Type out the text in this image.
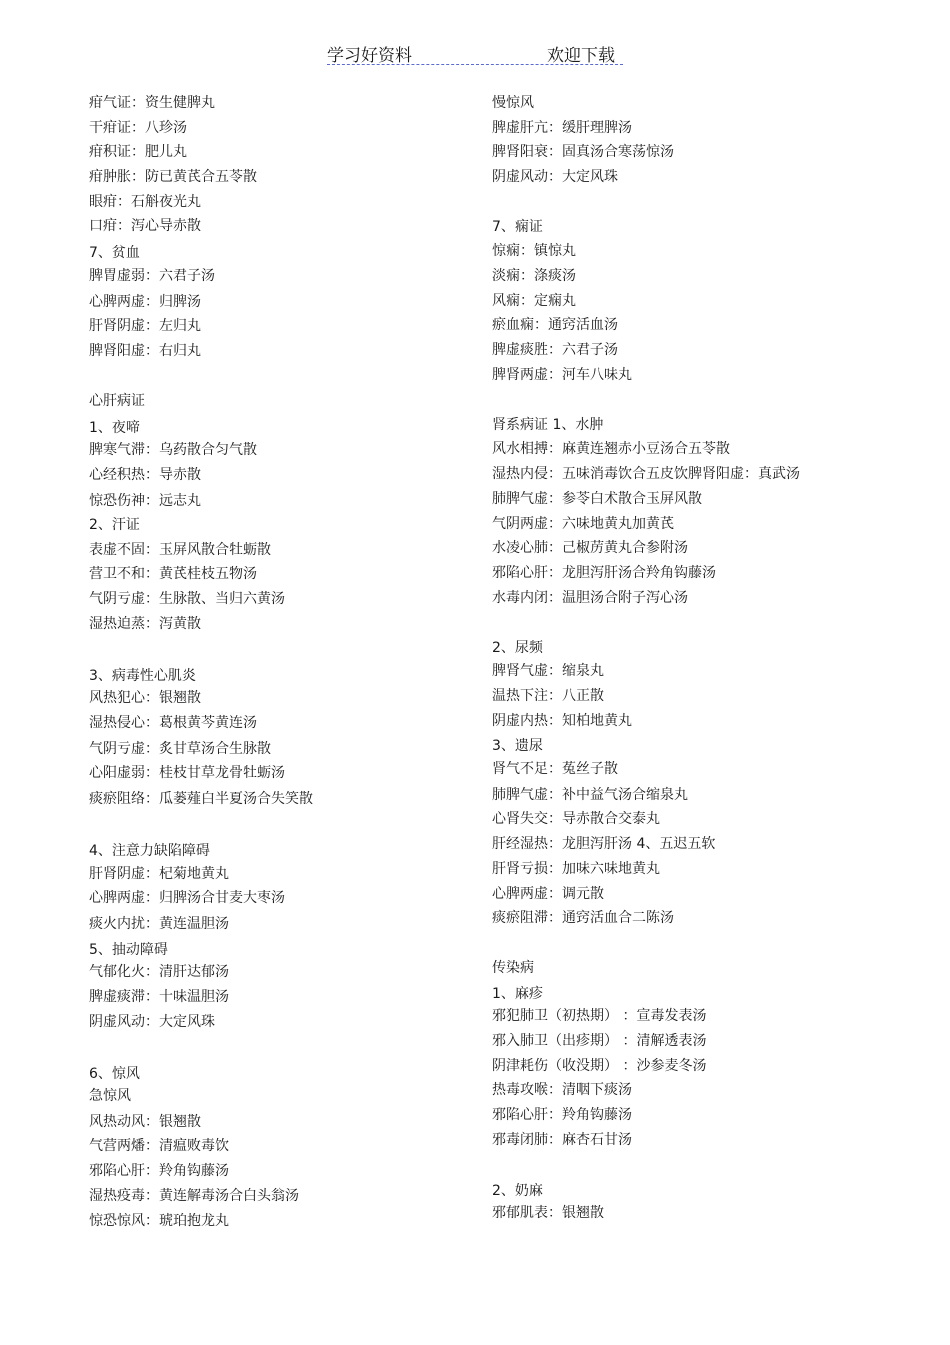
学习好资料	欢迎下载
疳气证：资生健脾丸
干疳证：八珍汤
疳积证：肥儿丸
疳肿胀：防已黄芪合五苓散
眼疳：石斛夜光丸
口疳：泻心导赤散
7、贫血
脾胃虚弱：六君子汤
心脾两虚：归脾汤
肝肾阴虚：左归丸
脾肾阳虚：右归丸

心肝病证
1、夜啼
脾寒气滞：乌药散合匀气散
心经积热：导赤散
惊恐伤神：远志丸
2、汗证
表虚不固：玉屏风散合牡蛎散
营卫不和：黄芪桂枝五物汤
气阴亏虚：生脉散、当归六黄汤
湿热迫蒸：泻黄散

3、病毒性心肌炎
风热犯心：银翘散
湿热侵心：葛根黄芩黄连汤
气阴亏虚：炙甘草汤合生脉散
心阳虚弱：桂枝甘草龙骨牡蛎汤
痰瘀阻络：瓜蒌薤白半夏汤合失笑散

4、注意力缺陷障碍
肝肾阴虚：杞菊地黄丸
心脾两虚：归脾汤合甘麦大枣汤
痰火内扰：黄连温胆汤
5、抽动障碍
气郁化火：清肝达郁汤
脾虚痰滞：十味温胆汤
阴虚风动：大定风珠

6、惊风
急惊风
风热动风：银翘散
气营两燔：清瘟败毒饮
邪陷心肝：羚角钩藤汤
湿热疫毒：黄连解毒汤合白头翁汤
惊恐惊风：琥珀抱龙丸
慢惊风
脾虚肝亢：缓肝理脾汤
脾肾阳衰：固真汤合寒荡惊汤
阴虚风动：大定风珠

7、痫证
惊痫：镇惊丸
淡痫：涤痰汤
风痫：定痫丸
瘀血痫：通窍活血汤
脾虚痰胜：六君子汤
脾肾两虚：河车八味丸

肾系病证 1、水肿
风水相搏：麻黄连翘赤小豆汤合五苓散
湿热内侵：五味消毒饮合五皮饮脾肾阳虚：真武汤
肺脾气虚：参苓白术散合玉屏风散
气阴两虚：六味地黄丸加黄芪
水凌心肺：己椒苈黄丸合参附汤
邪陷心肝：龙胆泻肝汤合羚角钩藤汤
水毒内闭：温胆汤合附子泻心汤

2、尿频
脾肾气虚：缩泉丸
温热下注：八正散
阴虚内热：知柏地黄丸
3、遗尿
肾气不足：菟丝子散
肺脾气虚：补中益气汤合缩泉丸
心肾失交：导赤散合交泰丸
肝经湿热：龙胆泻肝汤 4、五迟五软
肝肾亏损：加味六味地黄丸
心脾两虚：调元散
痰瘀阻滞：通窍活血合二陈汤

传染病
1、麻疹
邪犯肺卫（初热期） ：宣毒发表汤
邪入肺卫（出疹期） ：清解透表汤
阴津耗伤（收没期） ：沙参麦冬汤
热毒攻喉：清咽下痰汤
邪陷心肝：羚角钩藤汤
邪毒闭肺：麻杏石甘汤

2、奶麻
邪郁肌表：银翘散
